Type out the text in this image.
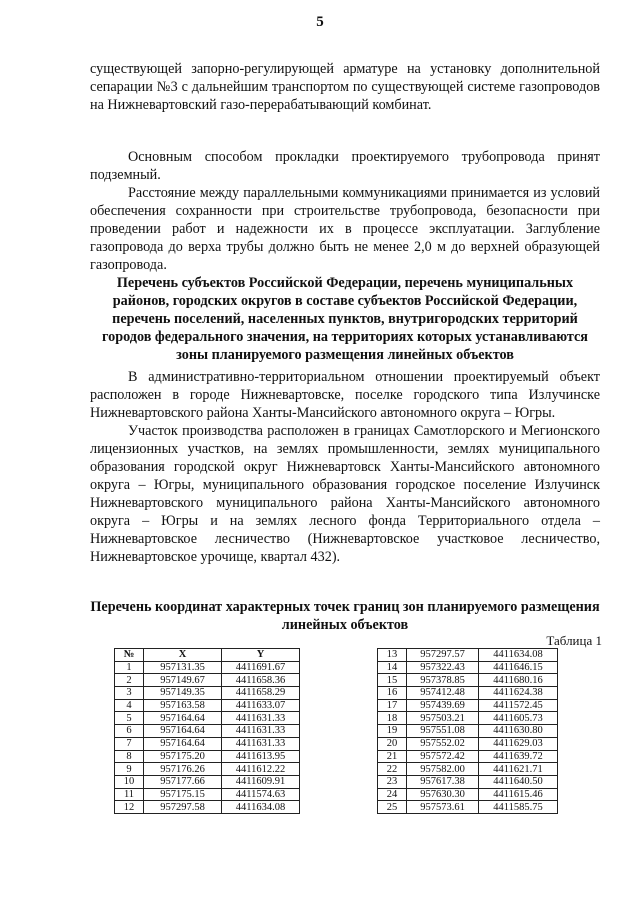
5

существующей запорно-регулирующей арматуре на установку дополнительной сепарации №3 с дальнейшим транспортом по существующей системе газопроводов на Нижневартовский газо-перерабатывающий комбинат.

Основным способом прокладки проектируемого трубопровода принят подземный.

Расстояние между параллельными коммуникациями принимается из условий обеспечения сохранности при строительстве трубопровода, безопасности при проведении работ и надежности их в процессе эксплуатации. Заглубление газопровода до верха трубы должно быть не менее 2,0 м до верхней образующей газопровода.

Перечень субъектов Российской Федерации, перечень муниципальных районов, городских округов в составе субъектов Российской Федерации, перечень поселений, населенных пунктов, внутригородских территорий городов федерального значения, на территориях которых устанавливаются зоны планируемого размещения линейных объектов

В административно-территориальном отношении проектируемый объект расположен в городе Нижневартовске, поселке городского типа Излучинске Нижневартовского района Ханты-Мансийского автономного округа – Югры.

Участок производства расположен в границах Самотлорского и Мегионского лицензионных участков, на землях промышленности, землях муниципального образования городской округ Нижневартовск Ханты-Мансийского автономного округа – Югры, муниципального образования городское поселение Излучинск Нижневартовского муниципального района Ханты-Мансийского автономного округа – Югры и на землях лесного фонда Территориального отдела – Нижневартовское лесничество (Нижневартовское участковое лесничество, Нижневартовское урочище, квартал 432).

Перечень координат характерных точек границ зон планируемого размещения линейных объектов
Таблица 1
№	X	Y
1	957131.35	4411691.67
2	957149.67	4411658.36
3	957149.35	4411658.29
4	957163.58	4411633.07
5	957164.64	4411631.33
6	957164.64	4411631.33
7	957164.64	4411631.33
8	957175.20	4411613.95
9	957176.26	4411612.22
10	957177.66	4411609.91
11	957175.15	4411574.63
12	957297.58	4411634.08
13	957297.57	4411634.08
14	957322.43	4411646.15
15	957378.85	4411680.16
16	957412.48	4411624.38
17	957439.69	4411572.45
18	957503.21	4411605.73
19	957551.08	4411630.80
20	957552.02	4411629.03
21	957572.42	4411639.72
22	957582.00	4411621.71
23	957617.38	4411640.50
24	957630.30	4411615.46
25	957573.61	4411585.75
